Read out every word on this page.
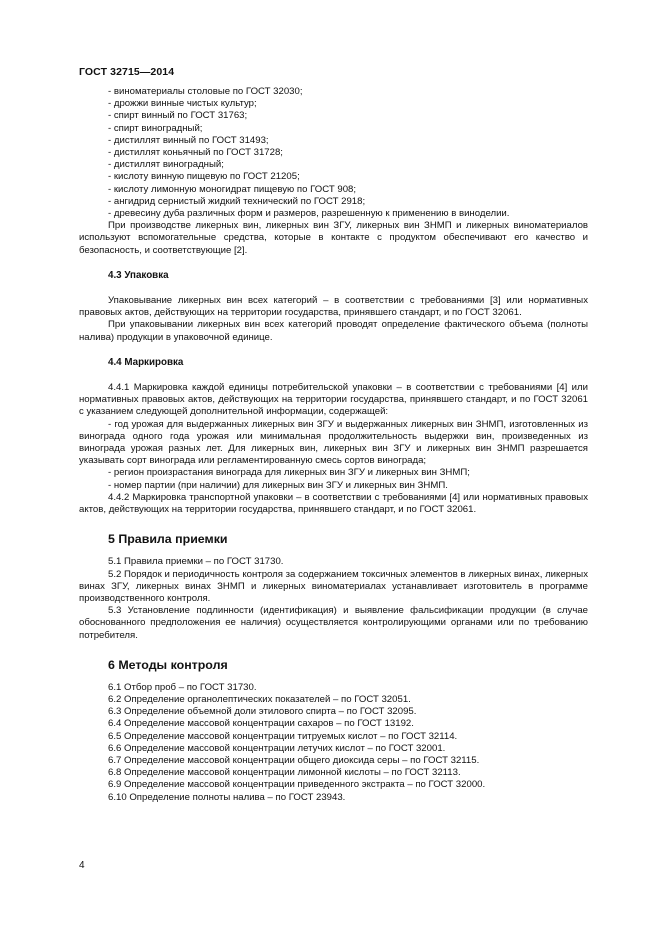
ГОСТ 32715—2014

- виноматериалы столовые по ГОСТ 32030;

- дрожжи винные чистых культур;

- спирт винный по ГОСТ 31763;

- спирт виноградный;

- дистиллят винный по ГОСТ 31493;

- дистиллят коньячный по ГОСТ 31728;

- дистиллят виноградный;

- кислоту винную пищевую по ГОСТ 21205;

- кислоту лимонную моногидрат пищевую по ГОСТ 908;

- ангидрид сернистый жидкий технический по ГОСТ 2918;

- древесину дуба различных форм и размеров, разрешенную к применению в виноделии.

При производстве ликерных вин, ликерных вин ЗГУ, ликерных вин ЗНМП и ликерных виноматериалов используют вспомогательные средства, которые в контакте с продуктом обеспечивают его качество и безопасность, и соответствующие [2].

4.3 Упаковка

Упаковывание ликерных вин всех категорий – в соответствии с требованиями [3] или нормативных правовых актов, действующих на территории государства, принявшего стандарт, и по ГОСТ 32061.

При упаковывании ликерных вин всех категорий проводят определение фактического объема (полноты налива) продукции в упаковочной единице.

4.4 Маркировка

4.4.1 Маркировка каждой единицы потребительской упаковки – в соответствии с требованиями [4] или нормативных правовых актов, действующих на территории государства, принявшего стандарт, и по ГОСТ 32061 с указанием следующей дополнительной информации, содержащей:

- год урожая для выдержанных ликерных вин ЗГУ и выдержанных ликерных вин ЗНМП, изготовленных из винограда одного года урожая или минимальная продолжительность выдержки вин, произведенных из винограда урожая разных лет. Для ликерных вин, ликерных вин ЗГУ и ликерных вин ЗНМП разрешается указывать сорт винограда или регламентированную смесь сортов винограда;

- регион произрастания винограда для ликерных вин ЗГУ и ликерных вин ЗНМП;

- номер партии (при наличии) для ликерных вин ЗГУ и ликерных вин ЗНМП.

4.4.2 Маркировка транспортной упаковки – в соответствии с требованиями [4] или нормативных правовых актов, действующих на территории государства, принявшего стандарт, и по ГОСТ 32061.

5 Правила приемки

5.1 Правила приемки – по ГОСТ 31730.

5.2 Порядок и периодичность контроля за содержанием токсичных элементов в ликерных винах, ликерных винах ЗГУ, ликерных винах ЗНМП и ликерных виноматериалах устанавливает изготовитель в программе производственного контроля.

5.3 Установление подлинности (идентификация) и выявление фальсификации продукции (в случае обоснованного предположения ее наличия) осуществляется контролирующими органами или по требованию потребителя.

6 Методы контроля

6.1 Отбор проб – по ГОСТ 31730.

6.2 Определение органолептических показателей – по ГОСТ 32051.

6.3 Определение объемной доли этилового спирта – по ГОСТ 32095.

6.4 Определение массовой концентрации сахаров – по ГОСТ 13192.

6.5 Определение массовой концентрации титруемых кислот – по ГОСТ 32114.

6.6 Определение массовой концентрации летучих кислот – по ГОСТ 32001.

6.7 Определение массовой концентрации общего диоксида серы – по ГОСТ 32115.

6.8 Определение массовой концентрации лимонной кислоты – по ГОСТ 32113.

6.9 Определение массовой концентрации приведенного экстракта – по ГОСТ 32000.

6.10 Определение полноты налива – по ГОСТ 23943.

4
